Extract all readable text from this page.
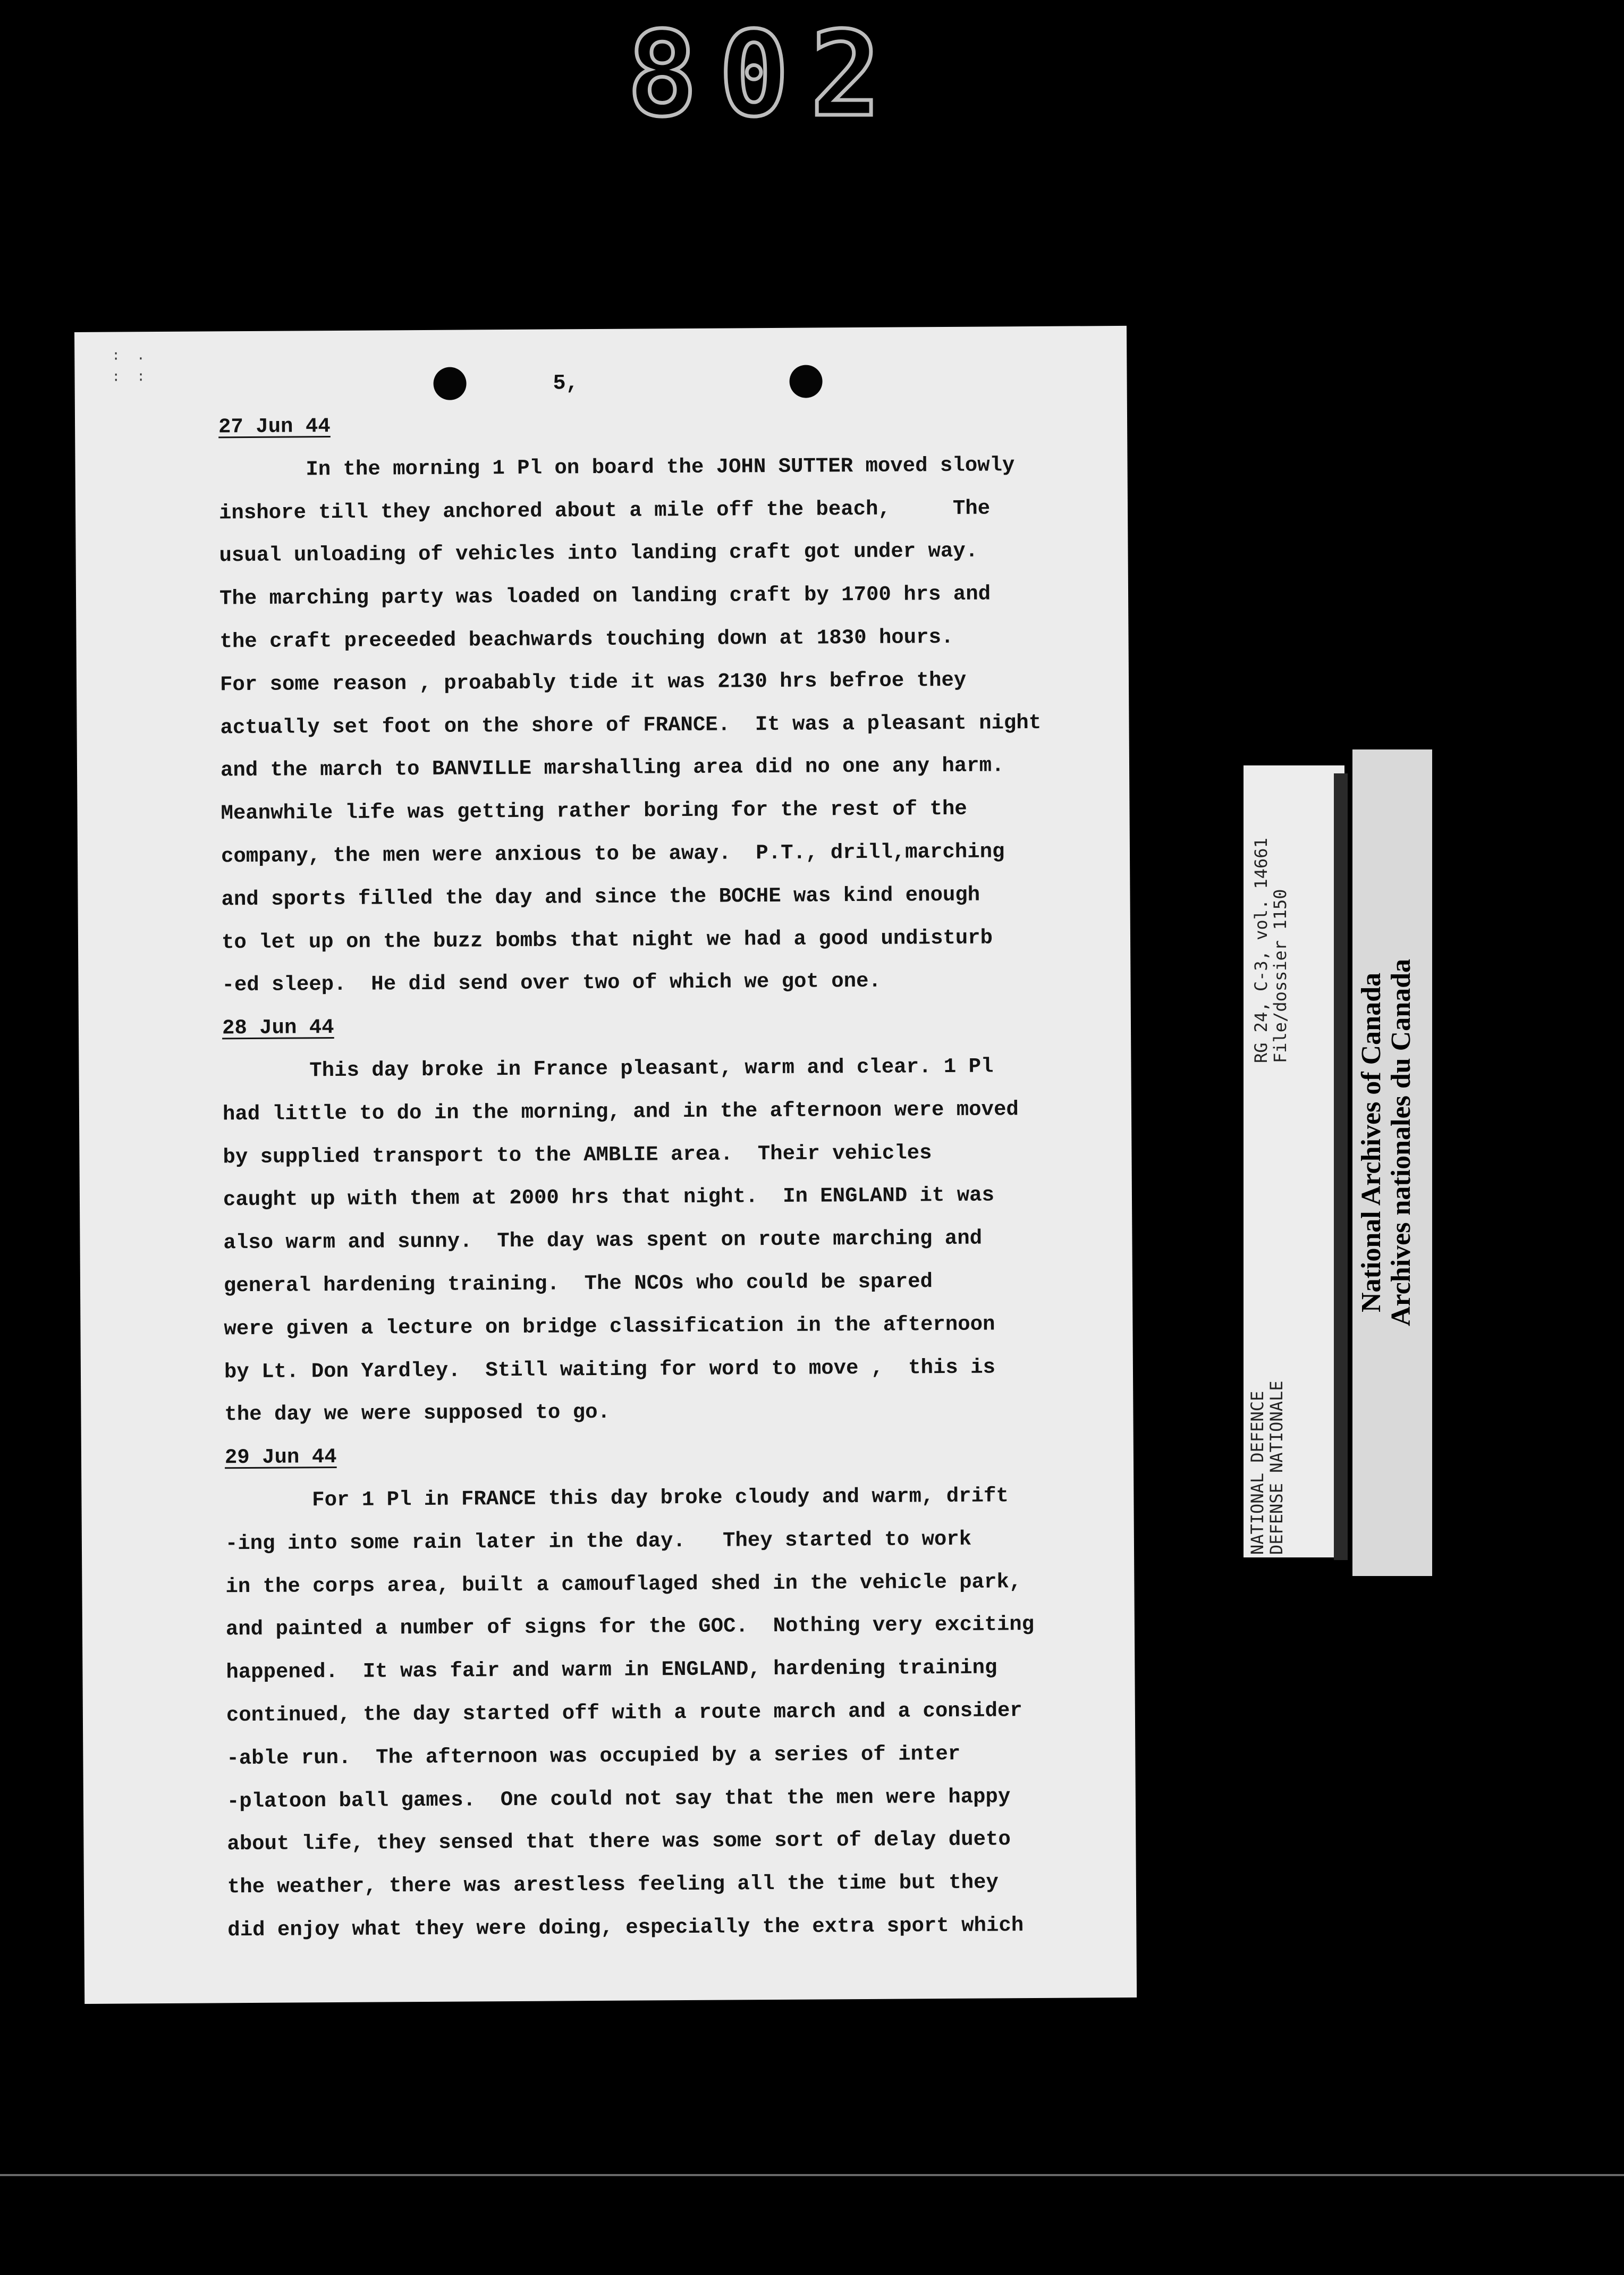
802
:  .
:  :	5,
27 Jun 44
In the morning 1 Pl on board the JOHN SUTTER moved slowly
inshore till they anchored about a mile off the beach,     The
usual unloading of vehicles into landing craft got under way.
The marching party was loaded on landing craft by 1700 hrs and
the craft preceeded beachwards touching down at 1830 hours.
For some reason , proabably tide it was 2130 hrs befroe they
actually set foot on the shore of FRANCE.  It was a pleasant night
and the march to BANVILLE marshalling area did no one any harm.
Meanwhile life was getting rather boring for the rest of the
company, the men were anxious to be away.  P.T., drill,marching
and sports filled the day and since the BOCHE was kind enough
to let up on the buzz bombs that night we had a good undisturb
-ed sleep.  He did send over two of which we got one.
28 Jun 44
This day broke in France pleasant, warm and clear. 1 Pl
had little to do in the morning, and in the afternoon were moved
by supplied transport to the AMBLIE area.  Their vehicles
caught up with them at 2000 hrs that night.  In ENGLAND it was
also warm and sunny.  The day was spent on route marching and
general hardening training.  The NCOs who could be spared
were given a lecture on bridge classification in the afternoon
by Lt. Don Yardley.  Still waiting for word to move ,  this is
the day we were supposed to go.
29 Jun 44
For 1 Pl in FRANCE this day broke cloudy and warm, drift
-ing into some rain later in the day.   They started to work
in the corps area, built a camouflaged shed in the vehicle park,
and painted a number of signs for the GOC.  Nothing very exciting
happened.  It was fair and warm in ENGLAND, hardening training
continued, the day started off with a route march and a consider
-able run.  The afternoon was occupied by a series of inter
-platoon ball games.  One could not say that the men were happy
about life, they sensed that there was some sort of delay dueto
the weather, there was arestless feeling all the time but they
did enjoy what they were doing, especially the extra sport which
RG 24, C-3, vol. 14661
File/dossier 1150
NATIONAL DEFENCE
DEFENSE NATIONALE
National Archives of Canada Archives nationales du Canada
